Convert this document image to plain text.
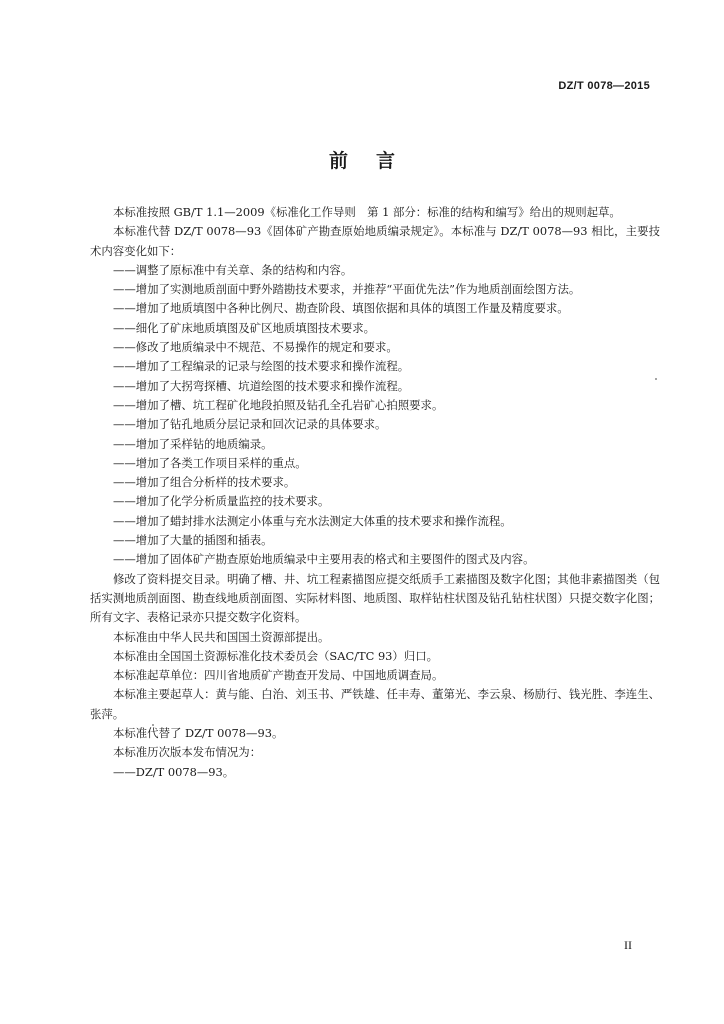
DZ/T 0078—2015
前言

本标准按照 GB/T 1.1—2009《标准化工作导则　第 1 部分：标准的结构和编写》给出的规则起草。

本标准代替 DZ/T 0078—93《固体矿产勘查原始地质编录规定》。本标准与 DZ/T 0078—93 相比，主要技术内容变化如下：

——调整了原标准中有关章、条的结构和内容。

——增加了实测地质剖面中野外踏勘技术要求，并推荐“平面优先法”作为地质剖面绘图方法。

——增加了地质填图中各种比例尺、勘查阶段、填图依据和具体的填图工作量及精度要求。

——细化了矿床地质填图及矿区地质填图技术要求。

——修改了地质编录中不规范、不易操作的规定和要求。

——增加了工程编录的记录与绘图的技术要求和操作流程。

——增加了大拐弯探槽、坑道绘图的技术要求和操作流程。

——增加了槽、坑工程矿化地段拍照及钻孔全孔岩矿心拍照要求。

——增加了钻孔地质分层记录和回次记录的具体要求。

——增加了采样钻的地质编录。

——增加了各类工作项目采样的重点。

——增加了组合分析样的技术要求。

——增加了化学分析质量监控的技术要求。

——增加了蜡封排水法测定小体重与充水法测定大体重的技术要求和操作流程。

——增加了大量的插图和插表。

——增加了固体矿产勘查原始地质编录中主要用表的格式和主要图件的图式及内容。

修改了资料提交目录。明确了槽、井、坑工程素描图应提交纸质手工素描图及数字化图；其他非素描图类（包括实测地质剖面图、勘查线地质剖面图、实际材料图、地质图、取样钻柱状图及钻孔钻柱状图）只提交数字化图；所有文字、表格记录亦只提交数字化资料。

本标准由中华人民共和国国土资源部提出。

本标准由全国国土资源标准化技术委员会（SAC/TC 93）归口。

本标准起草单位：四川省地质矿产勘查开发局、中国地质调查局。

本标准主要起草人：黄与能、白治、刘玉书、严铁雄、任丰寿、董第光、李云泉、杨励行、钱光胜、李连生、张萍。

本标准代替了 DZ/T 0078—93。

本标准历次版本发布情况为：

——DZ/T 0078—93。

II
